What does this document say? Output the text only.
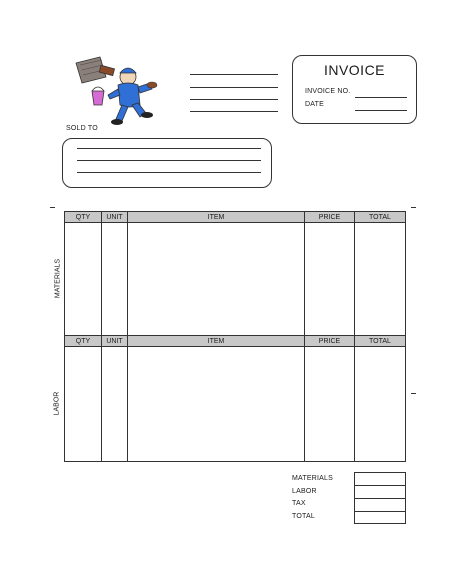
INVOICE
INVOICE NO.
DATE
SOLD TO
QTY	UNIT	ITEM	PRICE	TOTAL
MATERIALS
QTY	UNIT	ITEM	PRICE	TOTAL
LABOR
MATERIALS
LABOR
TAX
TOTAL
